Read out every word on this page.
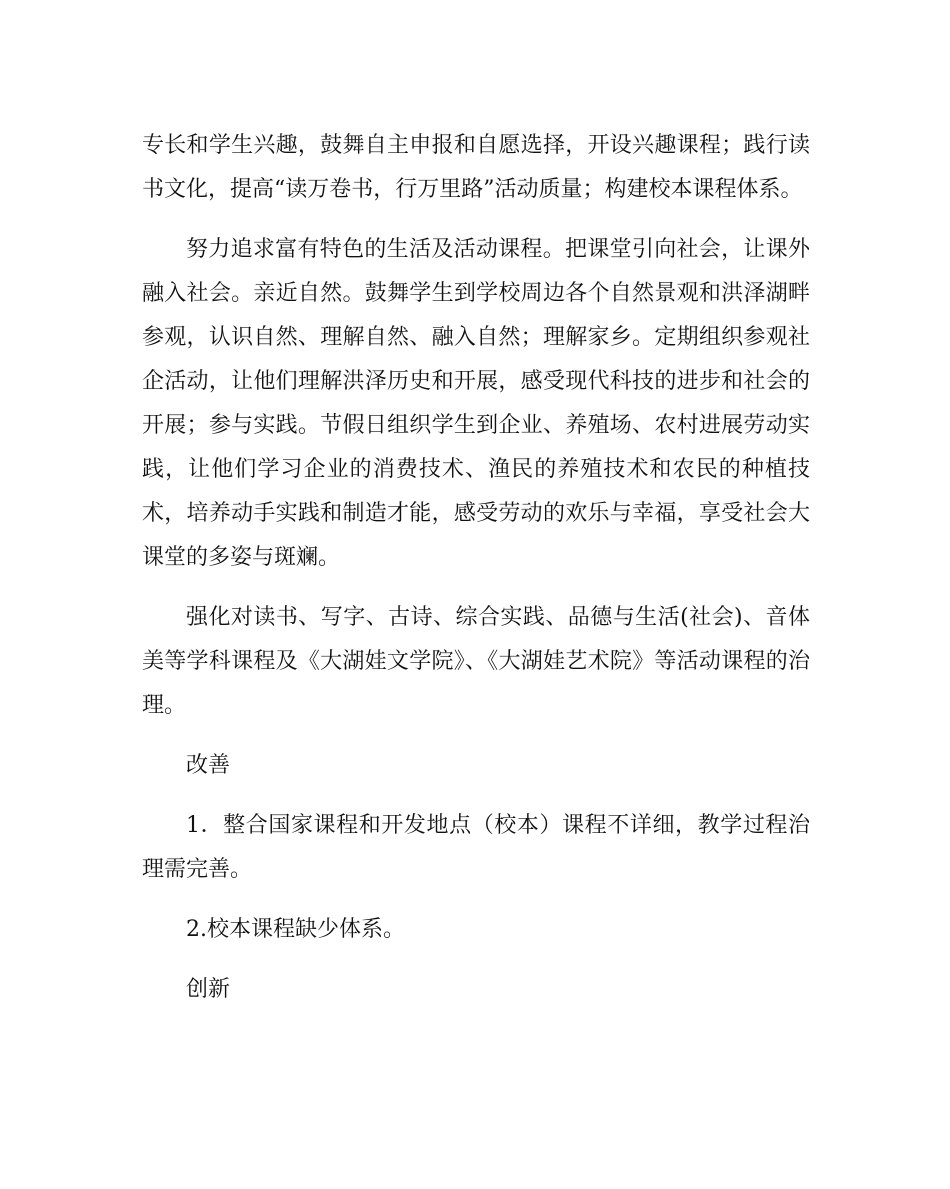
专长和学生兴趣，鼓舞自主申报和自愿选择，开设兴趣课程；践行读书文化，提高“读万卷书，行万里路”活动质量；构建校本课程体系。

努力追求富有特色的生活及活动课程。把课堂引向社会，让课外融入社会。亲近自然。鼓舞学生到学校周边各个自然景观和洪泽湖畔参观，认识自然、理解自然、融入自然；理解家乡。定期组织参观社企活动，让他们理解洪泽历史和开展，感受现代科技的进步和社会的开展；参与实践。节假日组织学生到企业、养殖场、农村进展劳动实践，让他们学习企业的消费技术、渔民的养殖技术和农民的种植技术，培养动手实践和制造才能，感受劳动的欢乐与幸福，享受社会大课堂的多姿与斑斓。

强化对读书、写字、古诗、综合实践、品德与生活(社会)、音体美等学科课程及《大湖娃文学院》、《大湖娃艺术院》等活动课程的治理。

改善

1．整合国家课程和开发地点（校本）课程不详细，教学过程治理需完善。

2.校本课程缺少体系。

创新
